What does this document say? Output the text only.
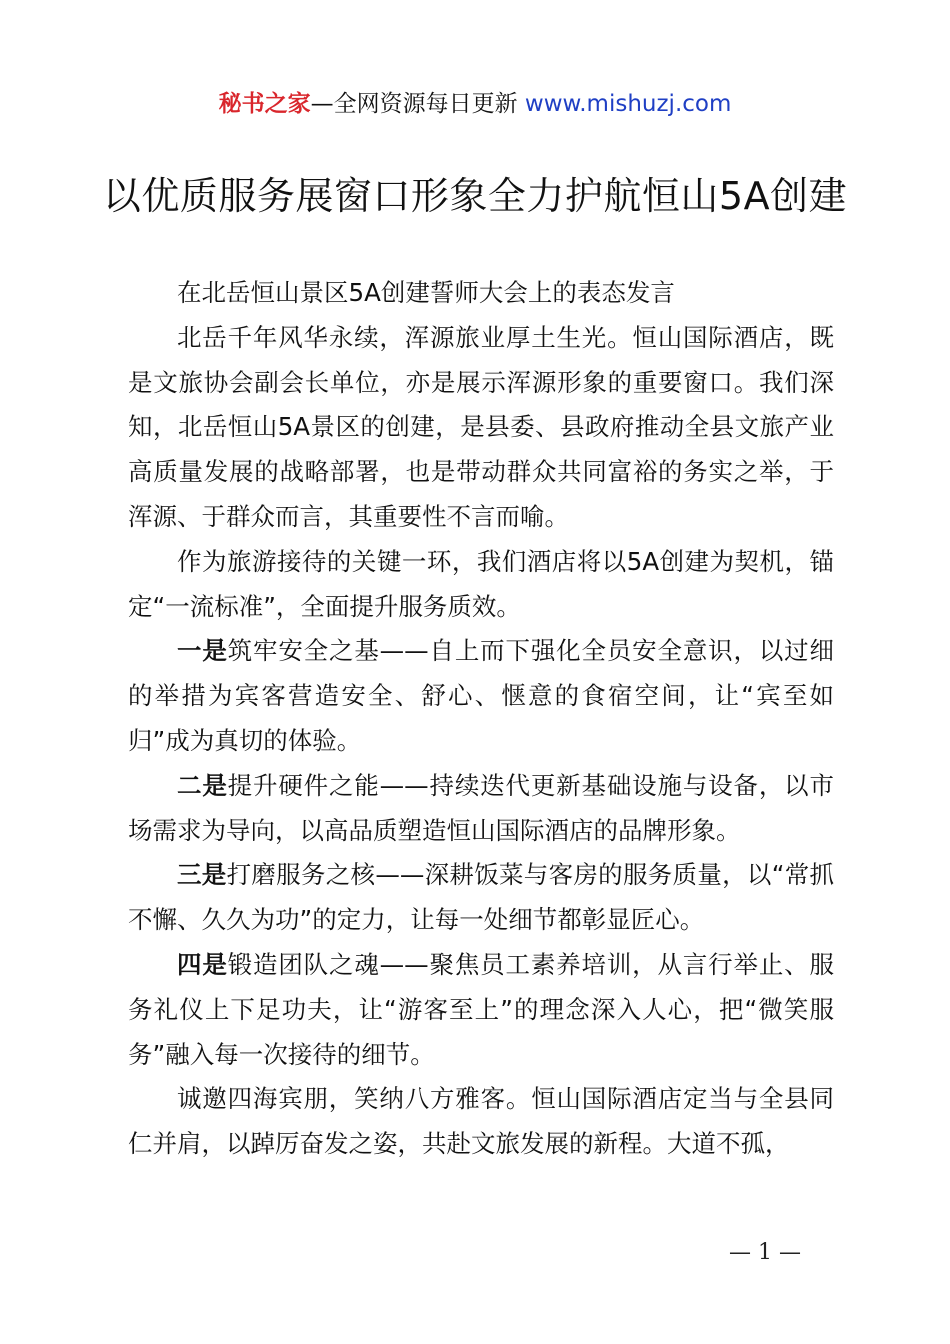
秘书之家—全网资源每日更新 www.mishuzj.com
以优质服务展窗口形象全力护航恒山5A创建

在北岳恒山景区5A创建誓师大会上的表态发言

北岳千年风华永续，浑源旅业厚土生光。恒山国际酒店，既是文旅协会副会长单位，亦是展示浑源形象的重要窗口。我们深知，北岳恒山5A景区的创建，是县委、县政府推动全县文旅产业高质量发展的战略部署，也是带动群众共同富裕的务实之举，于浑源、于群众而言，其重要性不言而喻。

作为旅游接待的关键一环，我们酒店将以5A创建为契机，锚定“一流标准”，全面提升服务质效。

一是筑牢安全之基——自上而下强化全员安全意识，以过细的举措为宾客营造安全、舒心、惬意的食宿空间，让“宾至如归”成为真切的体验。

二是提升硬件之能——持续迭代更新基础设施与设备，以市场需求为导向，以高品质塑造恒山国际酒店的品牌形象。

三是打磨服务之核——深耕饭菜与客房的服务质量，以“常抓不懈、久久为功”的定力，让每一处细节都彰显匠心。

四是锻造团队之魂——聚焦员工素养培训，从言行举止、服务礼仪上下足功夫，让“游客至上”的理念深入人心，把“微笑服务”融入每一次接待的细节。

诚邀四海宾朋，笑纳八方雅客。恒山国际酒店定当与全县同仁并肩，以踔厉奋发之姿，共赴文旅发展的新程。大道不孤，

— 1 —
